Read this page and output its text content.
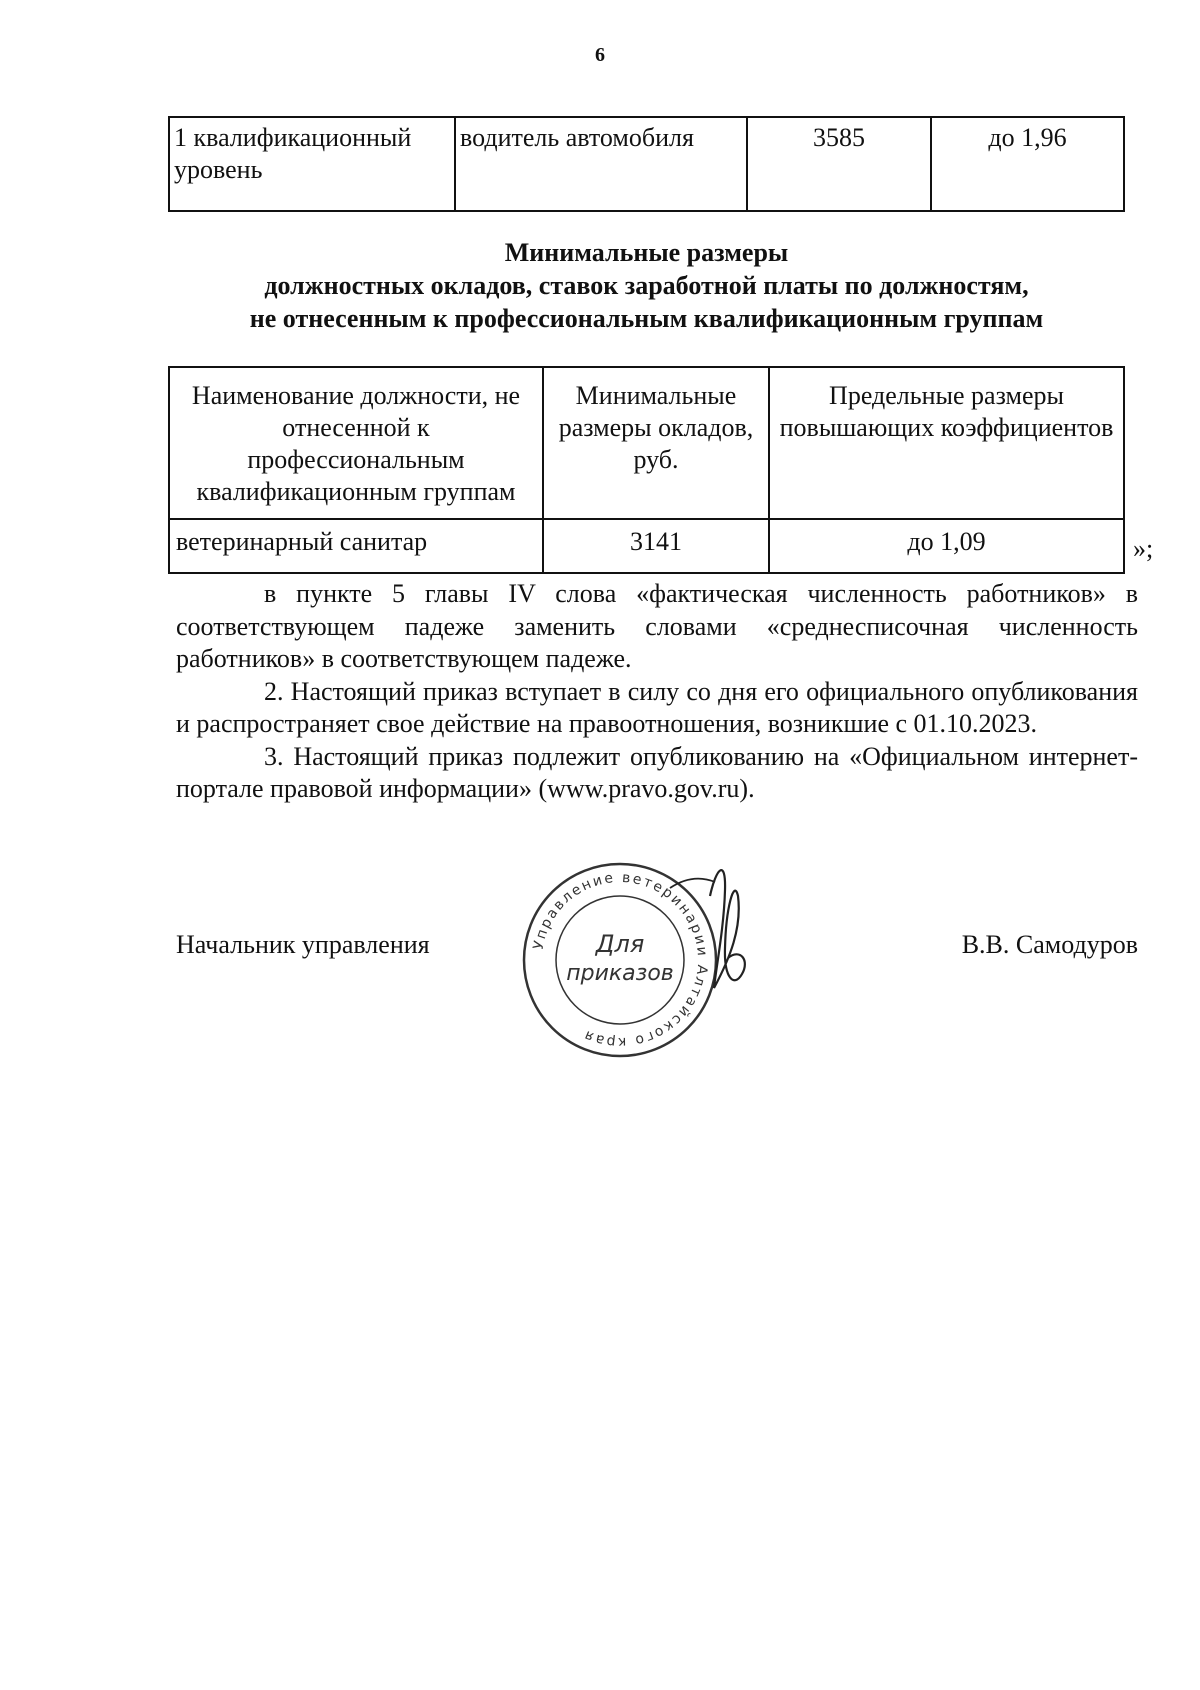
6
1 квалификационный уровень	водитель автомобиля	3585	до 1,96
Минимальные размеры
должностных окладов, ставок заработной платы по должностям,
не отнесенным к профессиональным квалификационным группам
Наименование должности, не отнесенной к профессиональным квалификационным группам	Минимальные размеры окладов, руб.	Предельные размеры повышающих коэффициентов
ветеринарный санитар	3141	до 1,09	»;

в пункте 5 главы IV слова «фактическая численность работников» в соответствующем падеже заменить словами «среднесписочная численность работников» в соответствующем падеже.

2. Настоящий приказ вступает в силу со дня его официального опубликования и распространяет свое действие на правоотношения, возникшие с 01.10.2023.

3. Настоящий приказ подлежит опубликованию на «Официальном интернет-портале правовой информации» (www.pravo.gov.ru).

Начальник управления	В.В. Самодуров
Управление ветеринарии Алтайского края
Для
приказов
